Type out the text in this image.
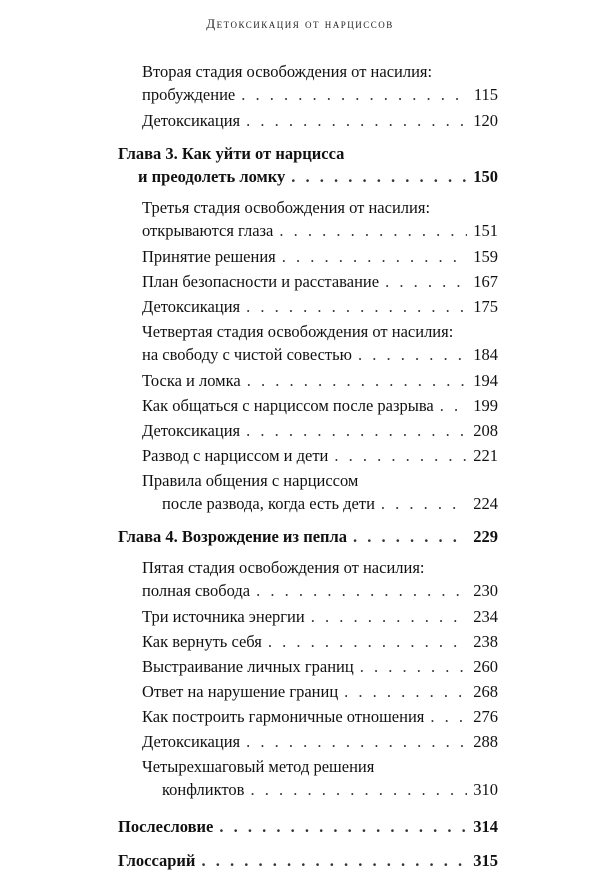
Детоксикация от нарциссов
Вторая стадия освобождения от насилия:
пробуждение . . .	115
Детоксикация . . .	120
Глава 3. Как уйти от нарцисса
и преодолеть ломку . . .	150
Третья стадия освобождения от насилия:
открываются глаза . . .	151
Принятие решения . . .	159
План безопасности и расставание . . .	167
Детоксикация . . .	175
Четвертая стадия освобождения от насилия:
на свободу с чистой совестью . . .	184
Тоска и ломка . . .	194
Как общаться с нарциссом после разрыва . . . 199
Детоксикация . . .	208
Развод с нарциссом и дети . . .	221
Правила общения с нарциссом
после развода, когда есть дети . . .	224
Глава 4. Возрождение из пепла . . .	229
Пятая стадия освобождения от насилия:
полная свобода . . .	230
Три источника энергии . . .	234
Как вернуть себя . . .	238
Выстраивание личных границ . . .	260
Ответ на нарушение границ . . .	268
Как построить гармоничные отношения . . .	276
Детоксикация . . .	288
Четырехшаговый метод решения
конфликтов . . .	310
Послесловие . . .	314
Глоссарий . . .	315
